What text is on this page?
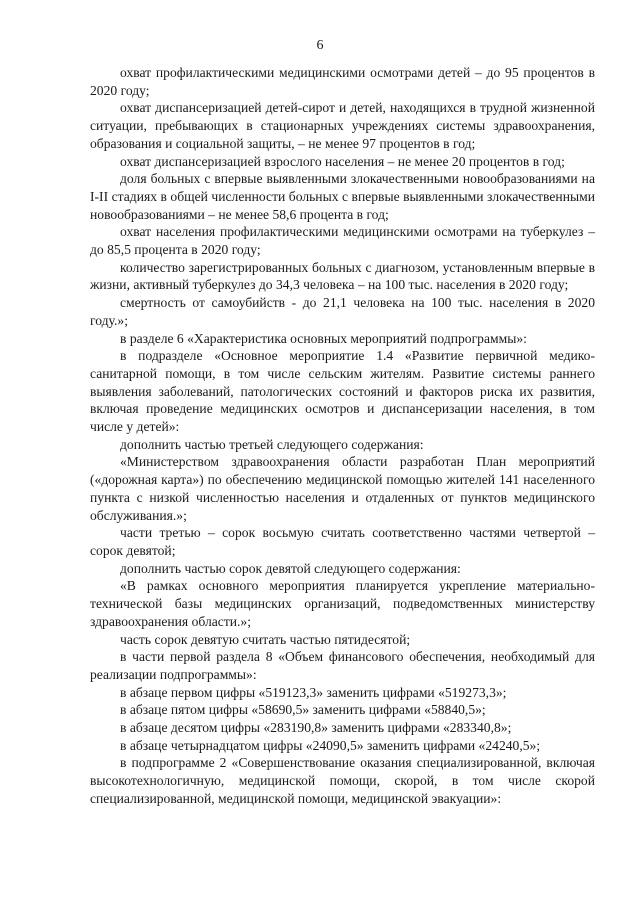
6

охват профилактическими медицинскими осмотрами детей – до 95 процентов в 2020 году;

охват диспансеризацией детей-сирот и детей, находящихся в трудной жизненной ситуации, пребывающих в стационарных учреждениях системы здравоохранения, образования и социальной защиты, – не менее 97 процентов в год;

охват диспансеризацией взрослого населения – не менее 20 процентов в год;

доля больных с впервые выявленными злокачественными новообразованиями на I-II стадиях в общей численности больных с впервые выявленными злокачественными новообразованиями – не менее 58,6 процента в год;

охват населения профилактическими медицинскими осмотрами на туберкулез – до 85,5 процента в 2020 году;

количество зарегистрированных больных с диагнозом, установленным впервые в жизни, активный туберкулез до 34,3 человека – на 100 тыс. населения в 2020 году;

смертность от самоубийств - до 21,1 человека на 100 тыс. населения в 2020 году.»;

в разделе 6 «Характеристика основных мероприятий подпрограммы»:

в подразделе «Основное мероприятие 1.4 «Развитие первичной медико-санитарной помощи, в том числе сельским жителям. Развитие системы раннего выявления заболеваний, патологических состояний и факторов риска их развития, включая проведение медицинских осмотров и диспансеризации населения, в том числе у детей»:

дополнить частью третьей следующего содержания:

«Министерством здравоохранения области разработан План мероприятий («дорожная карта») по обеспечению медицинской помощью жителей 141 населенного пункта с низкой численностью населения и отдаленных от пунктов медицинского обслуживания.»;

части третью – сорок восьмую считать соответственно частями четвертой – сорок девятой;

дополнить частью сорок девятой следующего содержания:

«В рамках основного мероприятия планируется укрепление материально-технической базы медицинских организаций, подведомственных министерству здравоохранения области.»;

часть сорок девятую считать частью пятидесятой;

в части первой раздела 8 «Объем финансового обеспечения, необходимый для реализации подпрограммы»:

в абзаце первом цифры «519123,3» заменить цифрами «519273,3»;

в абзаце пятом цифры «58690,5» заменить цифрами «58840,5»;

в абзаце десятом цифры «283190,8» заменить цифрами «283340,8»;

в абзаце четырнадцатом цифры «24090,5» заменить цифрами «24240,5»;

в подпрограмме 2 «Совершенствование оказания специализированной, включая высокотехнологичную, медицинской помощи, скорой, в том числе скорой специализированной, медицинской помощи, медицинской эвакуации»:
